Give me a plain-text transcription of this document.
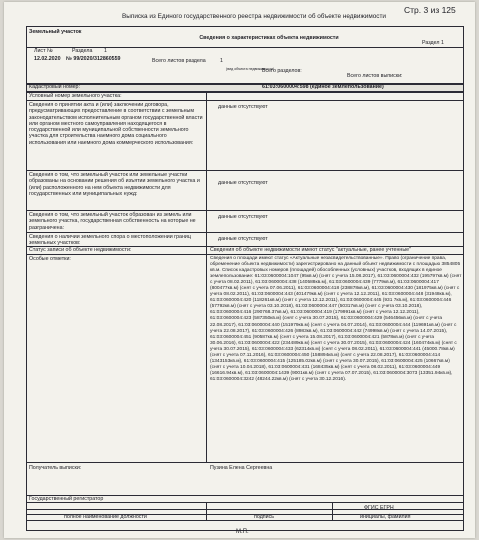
Стр. 3 из 125
Выписка из Единого государственного реестра недвижимости об объекте недвижимости
Земельный участок
Сведения о характеристиках объекта недвижимости
Раздел 1
Лист №	Раздела 1
Всего листов раздела	1
(вид объекта недвижимости)
Всего разделов:
Всего листов выписки:
12.02.2020 № 99/2020/312860559
Кадастровый номер:	61:03:0600004:598 (единое землепользование)
Условный номер земельного участка:
Сведения о принятии акта и (или) заключении договора, предусматривающих предоставление в соответствии с земельным законодательством исполнительным органом государственной власти или органом местного самоуправления находящегося в государственной или муниципальной собственности земельного участка для строительства наемного дома социального использования или наемного дома коммерческого использования:
данные отсутствуют
Сведения о том, что земельный участок или земельные участки образованы на основании решения об изъятии земельного участка и (или) расположенного на нем объекта недвижимости для государственных или муниципальных нужд:
данные отсутствуют
Сведения о том, что земельный участок образован из земель или земельного участка, государственная собственность на которые не разграничена:
данные отсутствуют
Сведения о наличии земельного спора о местоположении границ земельных участков:
данные отсутствуют
Статус записи об объекте недвижимости:	Сведения об объекте недвижимости имеют статус "актуальные, ранее учтенные"
Особые отметки:	Сведения о площади имеют статус «Актуальные незасвидетельствованные». Право (ограничение права, обременение объекта недвижимости) зарегистрировано на данный объект недвижимости с площадью 3854805 кв.м. Список кадастровых номеров (площадей) обособленных (условных) участков, входящих в единое землепользование: 61:03:0600004:1047 (95кв.м) (снят с учета 15.08.2017), 61:03:0600004:432 (195797кв.м) (снят с учета 08.02.2011), 61:03:0600004:438 (140588кв.м), 61:03:0600004:439 (7779кв.м), 61:03:0600004:417 (800477кв.м) (снят с учета 07.06.2011), 61:03:0600004:418 (238878кв.м), 61:03:0600004:430 (181975кв.м) (снят с учета 08.02.2011), 61:03:0600004:443 (401479кв.м) (снят с учета 12.12.2011), 61:03:0600004:448 (31948кв.м), 61:03:0600004:420 (118261кв.м) (снят с учета 12.12.2011), 61:03:0600004:445 (931 7кв.м), 61:03:0600004:446 (57792кв.м) (снят с учета 03.10.2018), 61:03:0600004:447 (50317кв.м) (снят с учета 03.10.2018), 61:03:0600004:416 (290768.37кв.м), 61:03:0600004:419 (179991кв.м) (снят с учета 12.12.2011), 61:03:0600004:423 (587350кв.м) (снят с учета 30.07.2015), 61:03:0600004:429 (546456кв.м) (снят с учета 22.08.2017), 61:03:0600004:440 (151979кв.м) (снят с учета 04.07.2014), 61:03:0600004:444 (119691кв.м) (снят с учета 22.08.2017), 61:03:0600004:426 (8983кв.м), 61:03:0600004:442 (74998кв.м) (снят с учета 14.07.2015), 61:03:0600004:451 (90587кв.м) (снят с учета 15.08.2017), 61:03:0600004:421 (5878кв.м) (снят с учета 30.06.2016), 61:03:0600004:422 (234489кв.м) (снят с учета 30.07.2015), 61:03:0600004:424 (160474кв.м) (снят с учета 30.07.2015), 61:03:0600004:433 (62314кв.м) (снят с учета 08.02.2011), 61:03:0600004:441 (45000.78кв.м) (снят с учета 07.11.2016), 61:03:0600004:450 (158894кв.м) (снят с учета 22.08.2017), 61:03:0600004:414 (1343153кв.м), 61:03:0600004:415 (125185.02кв.м) (снят с учета 30.07.2015), 61:03:0600004:425 (10667кв.м) (снят с учета 10.04.2018), 61:03:0600004:431 (168435кв.м) (снят с учета 08.02.2011), 61:03:0600004:449 (16616.94кв.м), 61:03:0600004:1439 (9001кв.м) (снят с учета 07.07.2015), 61:03:0600004:3073 (13351.94кв.м), 61:03:0600004:3242 (48244.22кв.м) (снят с учета 30.12.2016).
Получатель выписки:	Пузина Елена Сергеевна
Государственный регистратор
ФГИС ЕГРН
полное наименование должности	подпись	инициалы, фамилия
М.П.
